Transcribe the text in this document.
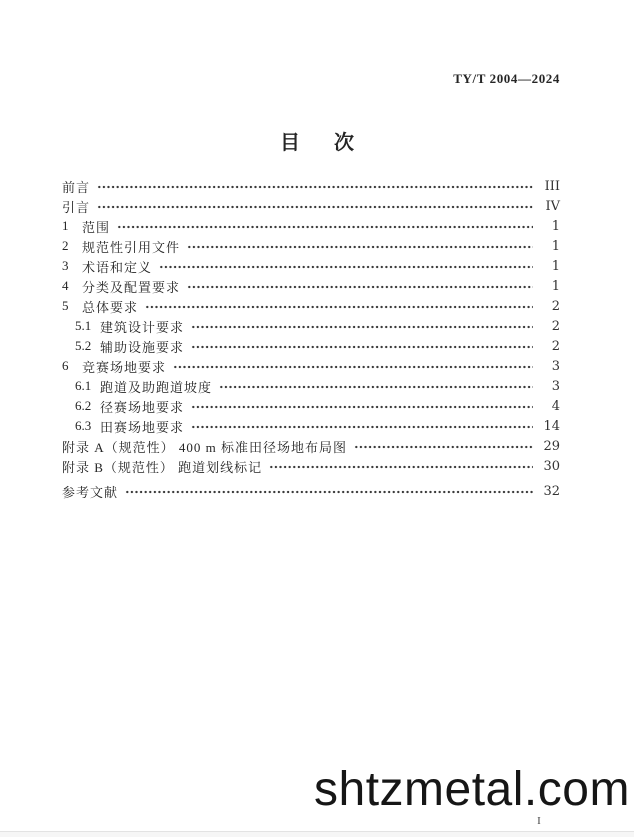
TY/T 2004—2024
目次
前言	III
引言	IV
1	范围	1
2	规范性引用文件	1
3	术语和定义	1
4	分类及配置要求	1
5	总体要求	2
5.1 建筑设计要求	2
5.2 辅助设施要求	2
6	竞赛场地要求	3
6.1 跑道及助跑道坡度	3
6.2 径赛场地要求	4
6.3 田赛场地要求	14
附录 A（规范性） 400 m 标准田径场地布局图	29
附录 B（规范性） 跑道划线标记	30
参考文献	32
shtzmetal.com
I
